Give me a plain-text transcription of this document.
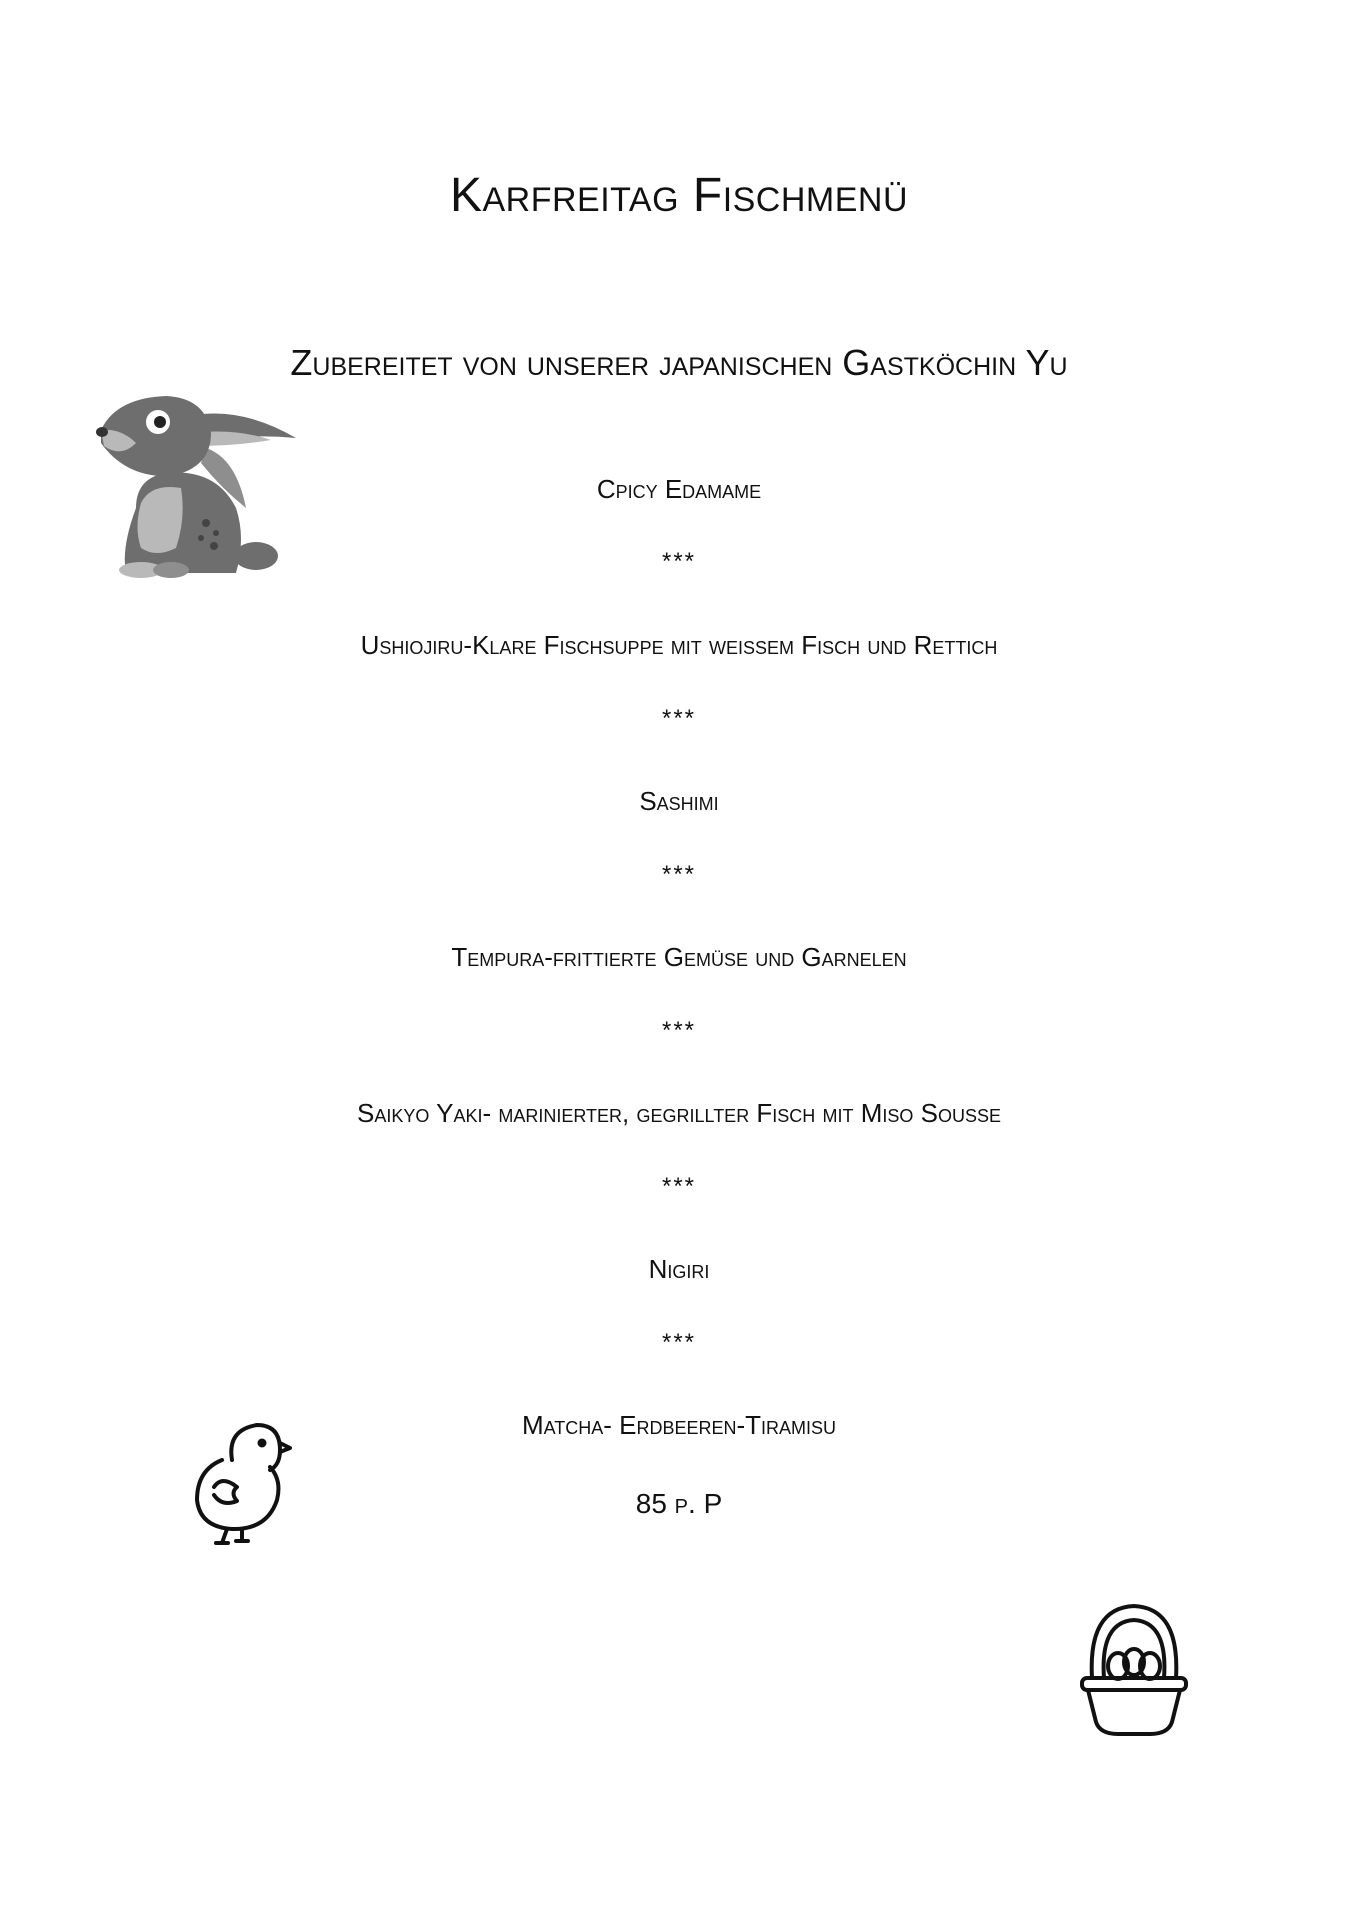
Karfreitag Fischmenü
Zubereitet von unserer japanischen Gastköchin Yu
Cpicy Edamame
***
Ushiojiru-Klare Fischsuppe mit weißem Fisch und Rettich
***
Sashimi
***
Tempura-frittierte Gemüse und Garnelen
***
Saikyo Yaki- marinierter, gegrillter Fisch mit Miso Souße
***
Nigiri
***
Matcha- Erdbeeren-Tiramisu
85 p. P
